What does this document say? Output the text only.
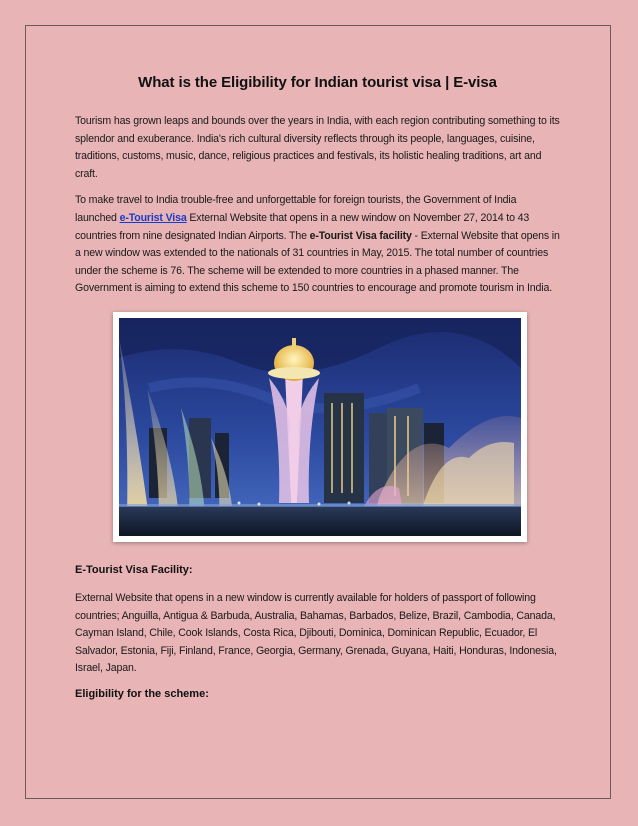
What is the Eligibility for Indian tourist visa | E-visa

Tourism has grown leaps and bounds over the years in India, with each region contributing something to its splendor and exuberance. India's rich cultural diversity reflects through its people, languages, cuisine, traditions, customs, music, dance, religious practices and festivals, its holistic healing traditions, art and craft.

To make travel to India trouble-free and unforgettable for foreign tourists, the Government of India launched e-Tourist Visa External Website that opens in a new window on November 27, 2014 to 43 countries from nine designated Indian Airports. The e-Tourist Visa facility - External Website that opens in a new window was extended to the nationals of 31 countries in May, 2015. The total number of countries under the scheme is 76. The scheme will be extended to more countries in a phased manner. The Government is aiming to extend this scheme to 150 countries to encourage and promote tourism in India.

E-Tourist Visa Facility:

External Website that opens in a new window is currently available for holders of passport of following countries; Anguilla, Antigua & Barbuda, Australia, Bahamas, Barbados, Belize, Brazil, Cambodia, Canada, Cayman Island, Chile, Cook Islands, Costa Rica, Djibouti, Dominica, Dominican Republic, Ecuador, El Salvador, Estonia, Fiji, Finland, France, Georgia, Germany, Grenada, Guyana, Haiti, Honduras, Indonesia, Israel, Japan.

Eligibility for the scheme:
